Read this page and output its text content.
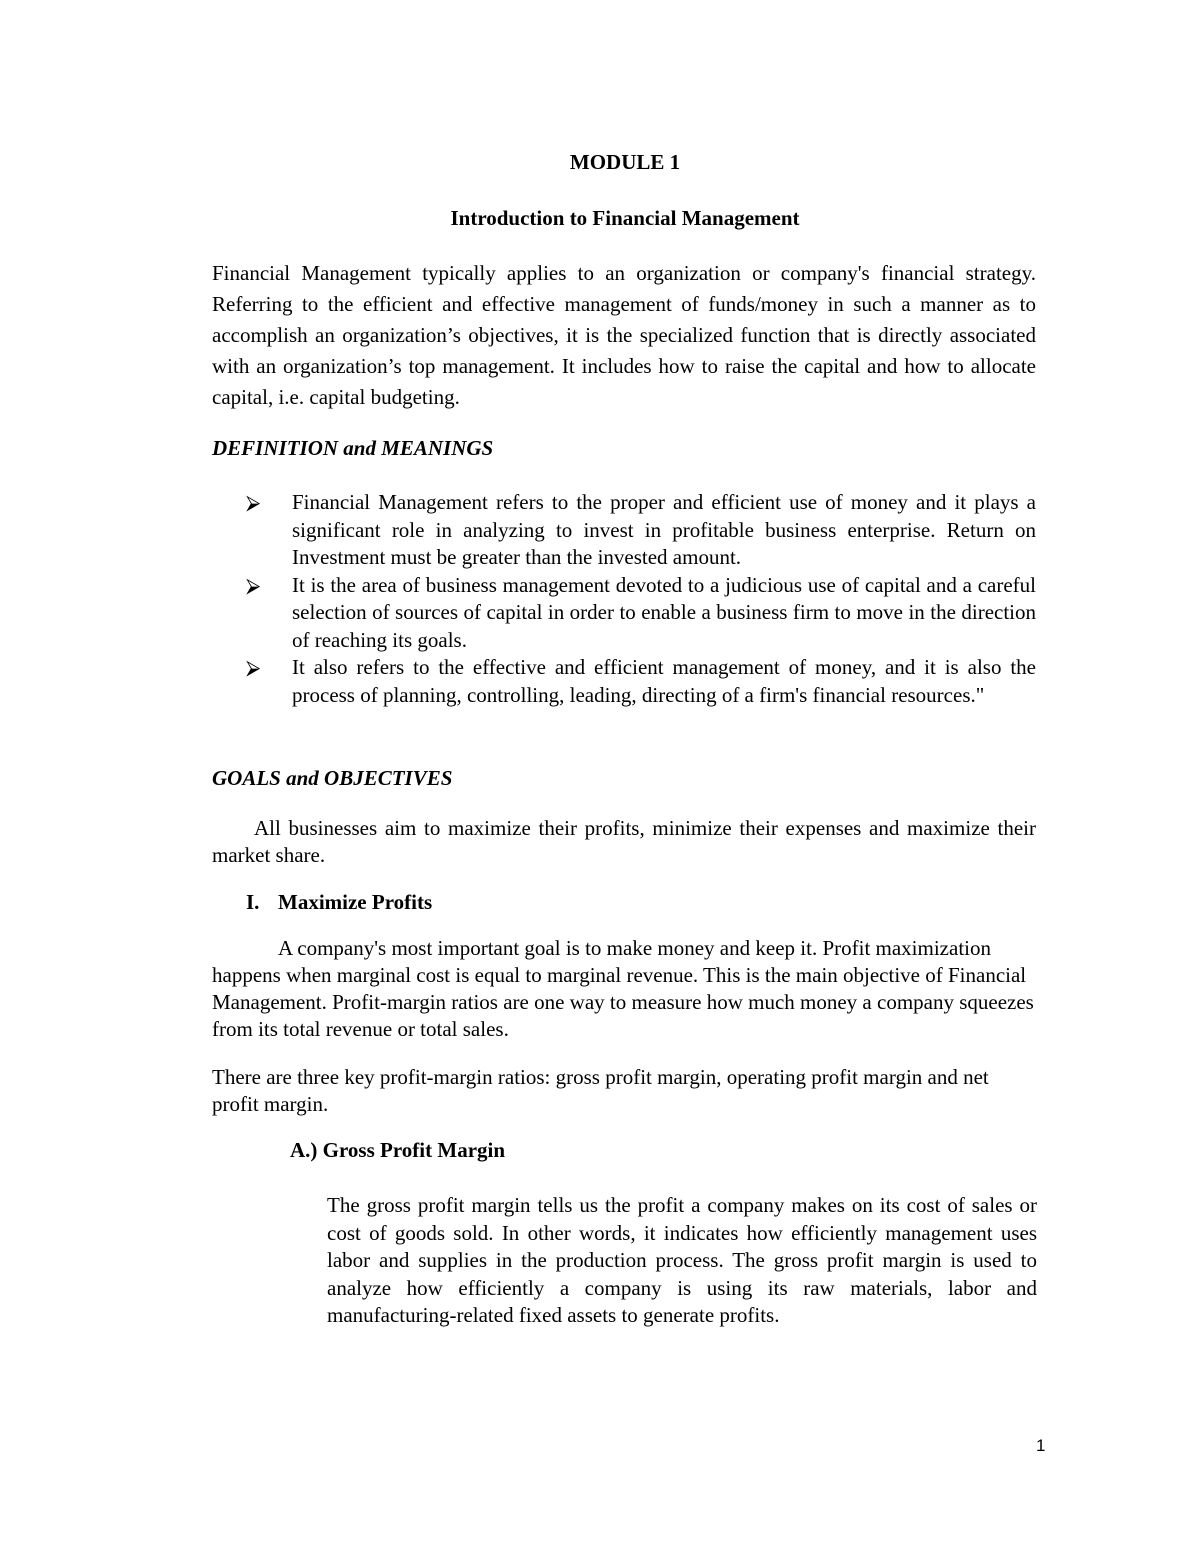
MODULE 1
Introduction to Financial Management
Financial Management typically applies to an organization or company's financial strategy. Referring to the efficient and effective management of funds/money in such a manner as to accomplish an organization’s objectives, it is the specialized function that is directly associated with an organization’s top management. It includes how to raise the capital and how to allocate capital, i.e. capital budgeting.
DEFINITION and MEANINGS
⮚ Financial Management refers to the proper and efficient use of money and it plays a significant role in analyzing to invest in profitable business enterprise. Return on Investment must be greater than the invested amount.
⮚ It is the area of business management devoted to a judicious use of capital and a careful selection of sources of capital in order to enable a business firm to move in the direction of reaching its goals.
⮚ It also refers to the effective and efficient management of money, and it is also the process of planning, controlling, leading, directing of a firm's financial resources."
GOALS and OBJECTIVES
All businesses aim to maximize their profits, minimize their expenses and maximize their market share.
I. Maximize Profits
A company's most important goal is to make money and keep it. Profit maximization happens when marginal cost is equal to marginal revenue. This is the main objective of Financial Management. Profit-margin ratios are one way to measure how much money a company squeezes from its total revenue or total sales.
There are three key profit-margin ratios: gross profit margin, operating profit margin and net profit margin.
A.) Gross Profit Margin
The gross profit margin tells us the profit a company makes on its cost of sales or cost of goods sold. In other words, it indicates how efficiently management uses labor and supplies in the production process. The gross profit margin is used to analyze how efficiently a company is using its raw materials, labor and manufacturing-related fixed assets to generate profits.
1
